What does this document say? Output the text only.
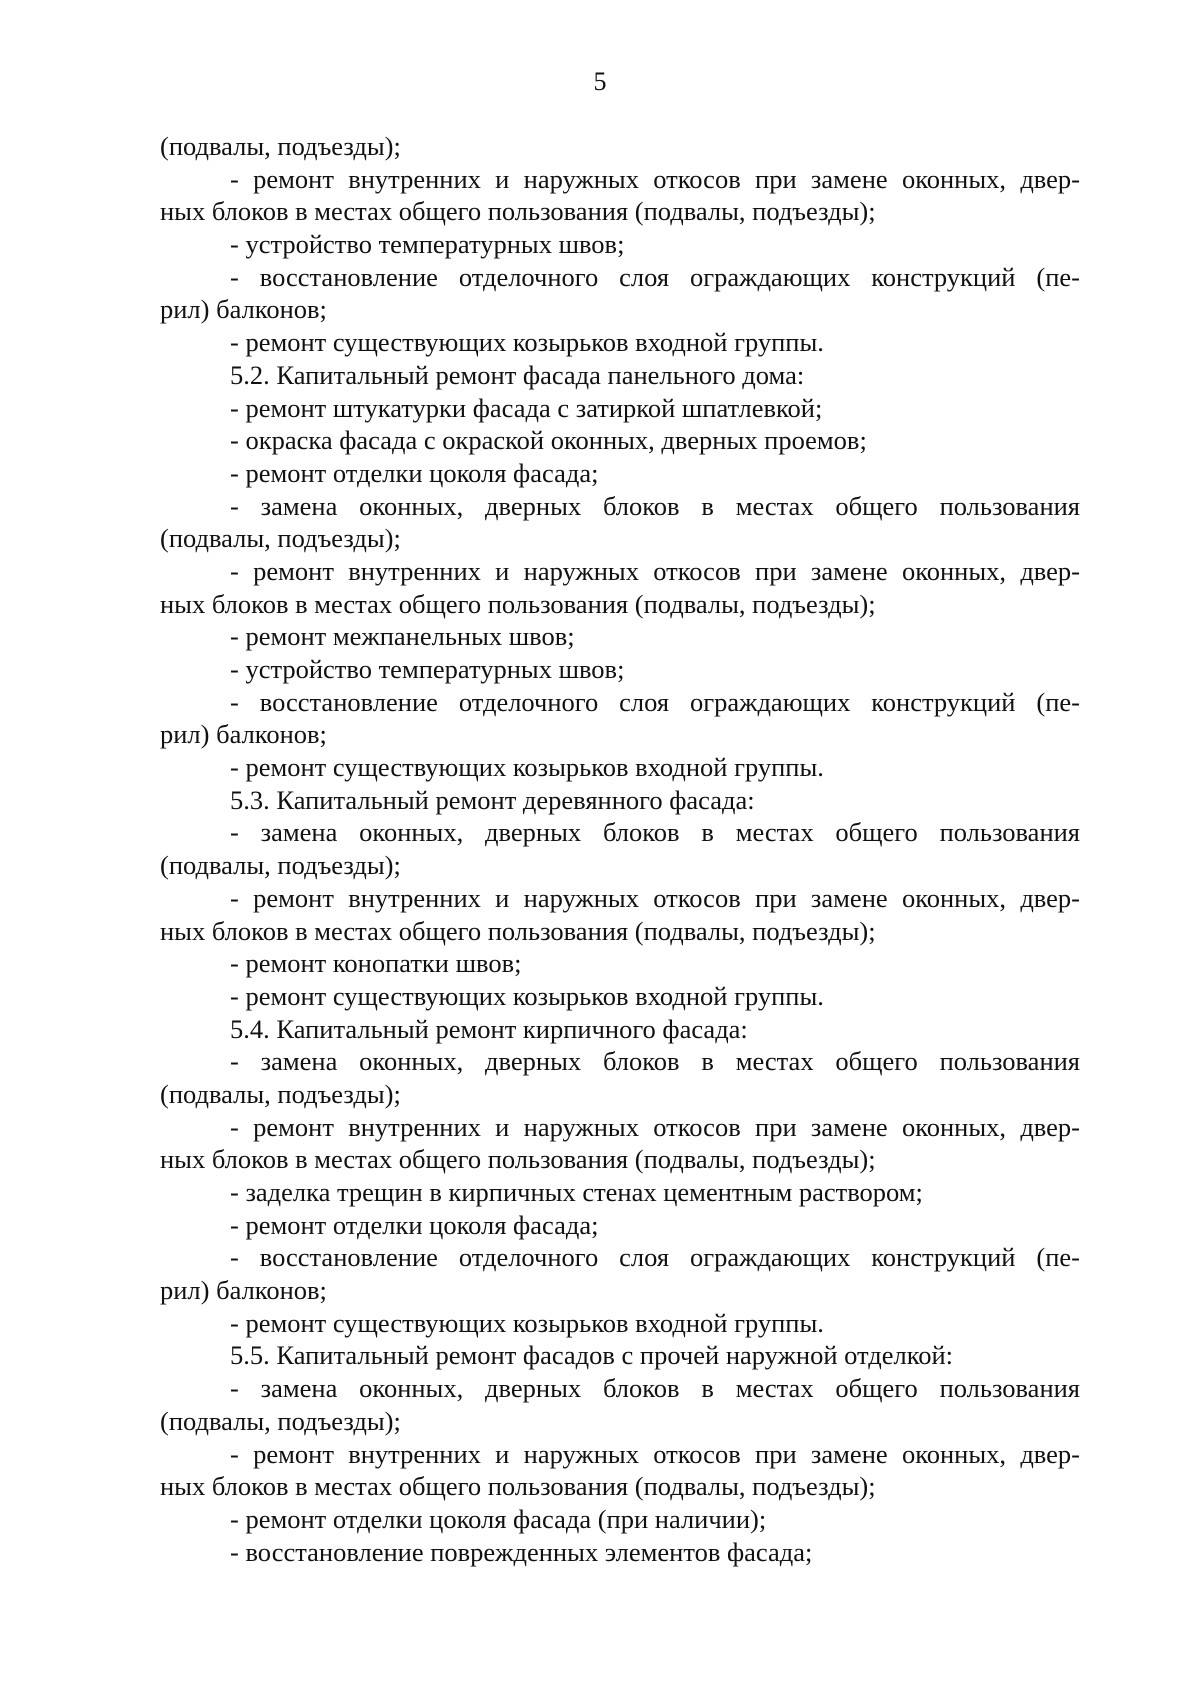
5
(подвалы, подъезды);
- ремонт внутренних и наружных откосов при замене оконных, двер-
ных блоков в местах общего пользования (подвалы, подъезды);
- устройство температурных швов;
- восстановление отделочного слоя ограждающих конструкций (пе-
рил) балконов;
- ремонт существующих козырьков входной группы.
5.2. Капитальный ремонт фасада панельного дома:
- ремонт штукатурки фасада с затиркой шпатлевкой;
- окраска фасада с окраской оконных, дверных проемов;
- ремонт отделки цоколя фасада;
- замена оконных, дверных блоков в местах общего пользования
(подвалы, подъезды);
- ремонт внутренних и наружных откосов при замене оконных, двер-
ных блоков в местах общего пользования (подвалы, подъезды);
- ремонт межпанельных швов;
- устройство температурных швов;
- восстановление отделочного слоя ограждающих конструкций (пе-
рил) балконов;
- ремонт существующих козырьков входной группы.
5.3. Капитальный ремонт деревянного фасада:
- замена оконных, дверных блоков в местах общего пользования
(подвалы, подъезды);
- ремонт внутренних и наружных откосов при замене оконных, двер-
ных блоков в местах общего пользования (подвалы, подъезды);
- ремонт конопатки швов;
- ремонт существующих козырьков входной группы.
5.4. Капитальный ремонт кирпичного фасада:
- замена оконных, дверных блоков в местах общего пользования
(подвалы, подъезды);
- ремонт внутренних и наружных откосов при замене оконных, двер-
ных блоков в местах общего пользования (подвалы, подъезды);
- заделка трещин в кирпичных стенах цементным раствором;
- ремонт отделки цоколя фасада;
- восстановление отделочного слоя ограждающих конструкций (пе-
рил) балконов;
- ремонт существующих козырьков входной группы.
5.5. Капитальный ремонт фасадов с прочей наружной отделкой:
- замена оконных, дверных блоков в местах общего пользования
(подвалы, подъезды);
- ремонт внутренних и наружных откосов при замене оконных, двер-
ных блоков в местах общего пользования (подвалы, подъезды);
- ремонт отделки цоколя фасада (при наличии);
- восстановление поврежденных элементов фасада;
